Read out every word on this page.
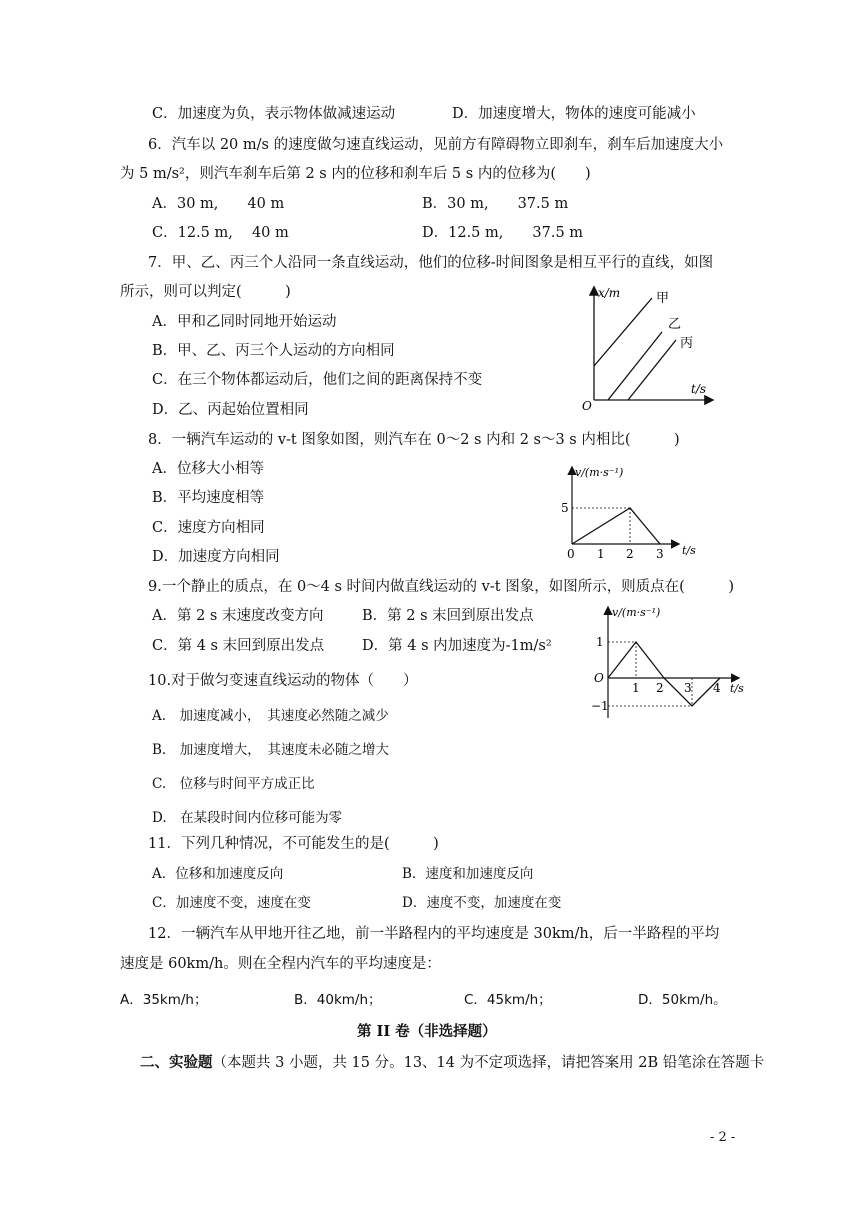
C．加速度为负，表示物体做减速运动	D．加速度增大，物体的速度可能减小
6．汽车以 20 m/s 的速度做匀速直线运动，见前方有障碍物立即刹车，刹车后加速度大小
为 5 m/s²，则汽车刹车后第 2 s 内的位移和刹车后 5 s 内的位移为(　　)
A．30 m,　　40 m	B．30 m,　　37.5 m
C．12.5 m,　 40 m	D．12.5 m,　　37.5 m
7．甲、乙、丙三个人沿同一条直线运动，他们的位移-时间图象是相互平行的直线，如图
所示，则可以判定(　　　)
A．甲和乙同时同地开始运动
B．甲、乙、丙三个人运动的方向相同
C．在三个物体都运动后，他们之间的距离保持不变
D．乙、丙起始位置相同
x/m
t/s
O
甲
乙
丙
8．一辆汽车运动的 v-t 图象如图，则汽车在 0～2 s 内和 2 s～3 s 内相比(　　　)
A．位移大小相等
B．平均速度相等
C．速度方向相同
D．加速度方向相同
v/(m·s⁻¹)
t/s
5
0 1 2 3
9.一个静止的质点，在 0～4 s 时间内做直线运动的 v-t 图象，如图所示，则质点在(　　　)
A．第 2 s 末速度改变方向	B．第 2 s 末回到原出发点
C．第 4 s 末回到原出发点	D．第 4 s 内加速度为-1m/s²
v/(m·s⁻¹)
t/s
O
1
−1
1 2 3 4
10.对于做匀变速直线运动的物体（　　）
A.　加速度减小，　其速度必然随之减少
B.　加速度增大，　其速度未必随之增大
C.　位移与时间平方成正比
D.　在某段时间内位移可能为零
11．下列几种情况，不可能发生的是(　　　)
A．位移和加速度反向	B．速度和加速度反向
C．加速度不变，速度在变	D．速度不变，加速度在变
12．一辆汽车从甲地开往乙地，前一半路程内的平均速度是 30km/h，后一半路程的平均
速度是 60km/h。则在全程内汽车的平均速度是：
A．35km/h；	B．40km/h；	C．45km/h；	D．50km/h。
第 II 卷（非选择题）
二、实验题（本题共 3 小题，共 15 分。13、14 为不定项选择，请把答案用 2B 铅笔涂在答题卡
- 2 -
